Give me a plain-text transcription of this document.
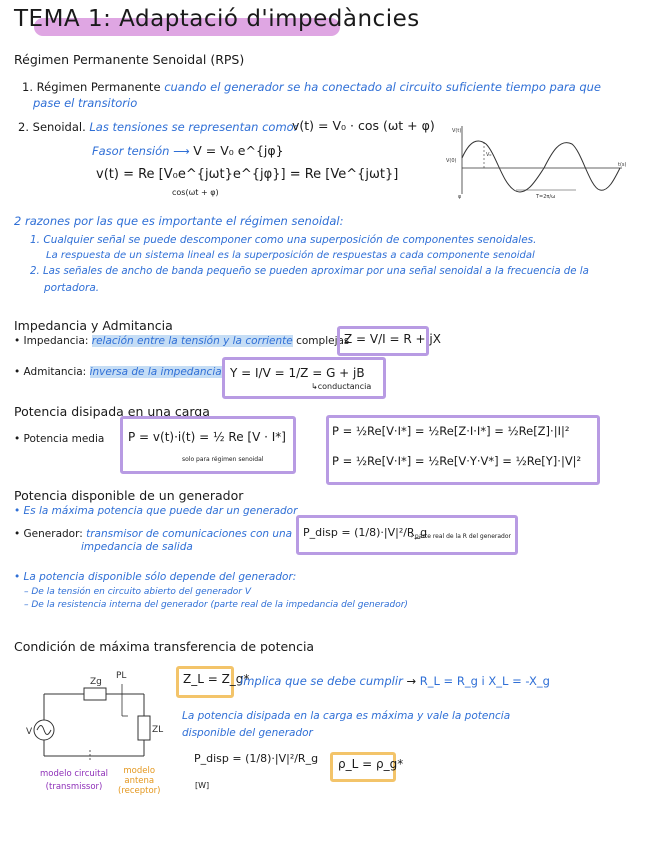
TEMA 1: Adaptació d'impedàncies
Régimen Permanente Senoidal (RPS)
1. Régimen Permanente cuando el generador se ha conectado al circuito suficiente tiempo para que
pase el transitorio
2. Senoidal. Las tensiones se representan como:
v(t) = V₀ · cos (ωt + φ)
Fasor tensión ⟶ V = V₀ e^{jφ}
v(t) = Re [V₀e^{jωt}e^{jφ}] = Re [Ve^{jωt}]
cos(ωt + φ)
V(t)
V(0)
V₀
t(s)
φ	T=2π/ω
2 razones por las que es importante el régimen senoidal:
1. Cualquier señal se puede descomponer como una superposición de componentes senoidales.
La respuesta de un sistema lineal es la superposición de respuestas a cada componente senoidal
2. Las señales de ancho de banda pequeño se pueden aproximar por una señal senoidal a la frecuencia de la
portadora.
Impedancia y Admitancia
• Impedancia: relación entre la tensión y la corriente complejas
Z = V/I = R + jX
• Admitancia: inversa de la impedancia Y = I/V = 1/Z = G + jB
↳conductancia
Potencia disipada en una carga
• Potencia media P = v(t)·i(t) = ½ Re [V · I*]
solo para régimen senoidal
P = ½Re[V·I*] = ½Re[Z·I·I*] = ½Re[Z]·|I|²
P = ½Re[V·I*] = ½Re[V·Y·V*] = ½Re[Y]·|V|²
Potencia disponible de un generador
• Es la máxima potencia que puede dar un generador
• Generador: transmisor de comunicaciones con una
impedancia de salida
P_disp = (1/8)·|V|²/R_g
→ parte real de la R del generador
• La potencia disponible sólo depende del generador:
– De la tensión en circuito abierto del generador V
– De la resistencia interna del generador (parte real de la impedancia del generador)
Condición de máxima transferencia de potencia
Zg
PL
ZL
V
modelo circuital
(transmissor)
modelo
antena
(receptor)
Z_L = Z_g*
implica que se debe cumplir → R_L = R_g i X_L = -X_g
La potencia disipada en la carga es máxima y vale la potencia
disponible del generador
P_disp = (1/8)·|V|²/R_g
[W]
ρ_L = ρ_g*
